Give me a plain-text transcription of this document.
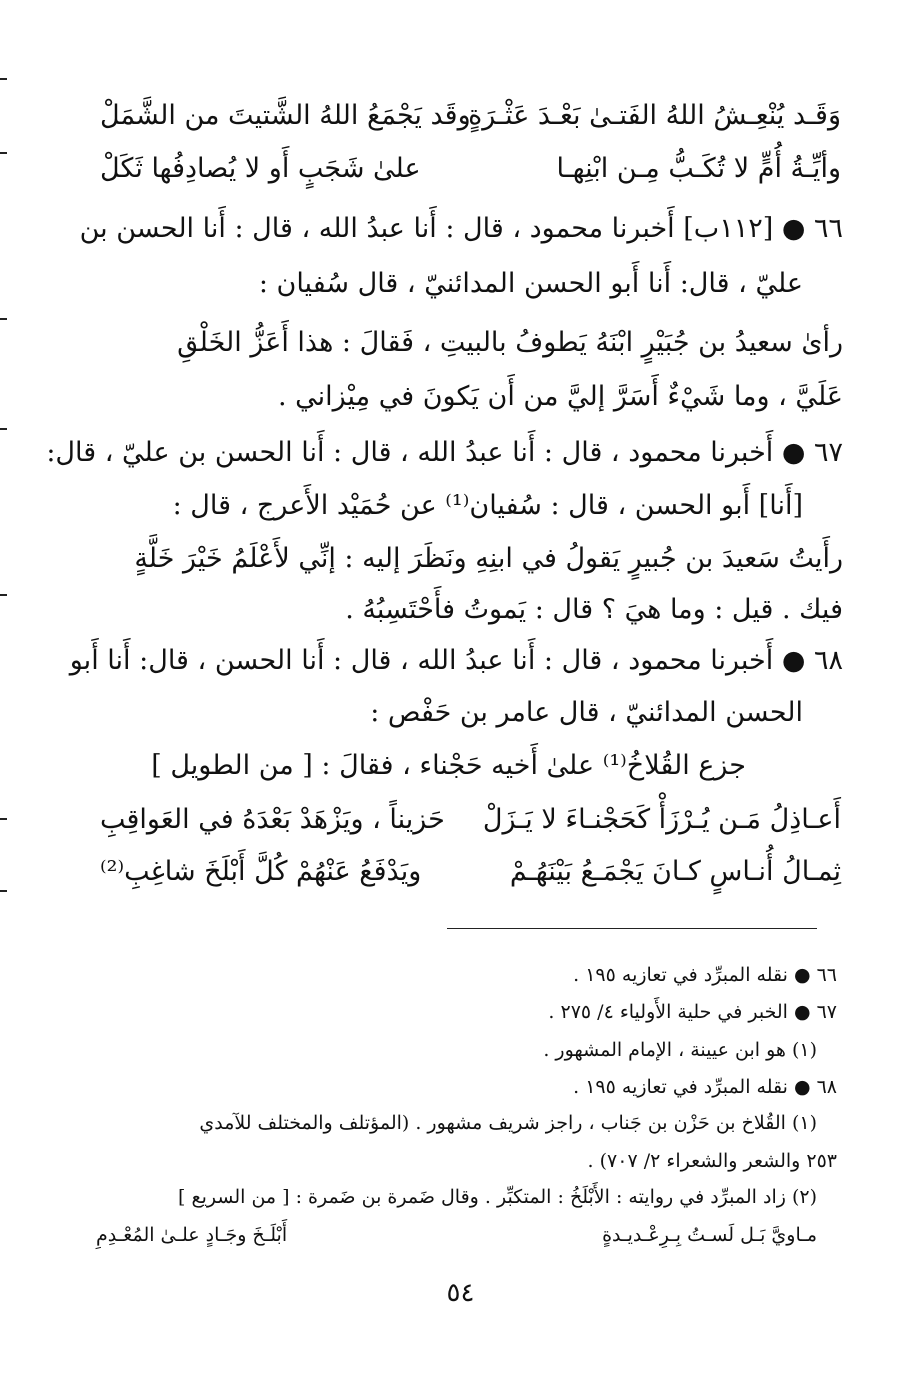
وَقَـد يُنْعِـشُ اللهُ الفَتـىٰ بَعْـدَ عَثْـرَةٍ
وقَد يَجْمَعُ اللهُ الشَّتيتَ من الشَّمَلْ
وأيِّـةُ أُمٍّ لا تُكَـبُّ مِـن ابْنِهـا
علىٰ شَجَبٍ أَو لا يُصادِفُها ثَكَلْ
٦٦ ● [١١٢ب] أَخبرنا محمود ، قال : أَنا عبدُ الله ، قال : أَنا الحسن بن
عليّ ، قال: أَنا أَبو الحسن المدائنيّ ، قال سُفيان :
رأىٰ سعيدُ بن جُبَيْرٍ ابْنَهُ يَطوفُ بالبيتِ ، فَقالَ : هذا أَعَزُّ الخَلْقِ
عَلَيَّ ، وما شَيْءٌ أَسَرَّ إليَّ من أَن يَكونَ في مِيْزاني .
٦٧ ● أَخبرنا محمود ، قال : أَنا عبدُ الله ، قال : أَنا الحسن بن عليّ ، قال:
[أَنا] أَبو الحسن ، قال : سُفيان⁽¹⁾ عن حُمَيْد الأَعرج ، قال :
رأَيتُ سَعيدَ بن جُبيرٍ يَقولُ في ابنِهِ ونَظَرَ إليه : إنِّي لأَعْلَمُ خَيْرَ خَلَّةٍ
فيك . قيل : وما هيَ ؟ قال : يَموتُ فأَحْتَسِبُهُ .
٦٨ ● أَخبرنا محمود ، قال : أَنا عبدُ الله ، قال : أَنا الحسن ، قال: أَنا أَبو
الحسن المدائنيّ ، قال عامر بن حَفْص :
جزع القُلاخُ⁽¹⁾ علىٰ أَخيه حَجْناء ، فقالَ : [ من الطويل ]
أَعـاذِلُ مَـن يُـرْزَأْ كَحَجْنـاءَ لا يَـزَلْ
حَزيناً ، ويَزْهَدْ بَعْدَهُ في العَواقِبِ
ثِمـالُ أُنـاسٍ كـانَ يَجْمَـعُ بَيْنَهُـمْ
ويَدْفَعُ عَنْهُمْ كُلَّ أَبْلَخَ شاغِبِ⁽²⁾
٦٦ ● نقله المبرِّد في تعازيه ١٩٥ .
٦٧ ● الخبر في حلية الأَولياء ٤/ ٢٧٥ .
(١) هو ابن عيينة ، الإمام المشهور .
٦٨ ● نقله المبرِّد في تعازيه ١٩٥ .
(١) القُلاخ بن حَزْن بن جَناب ، راجز شريف مشهور . (المؤتلف والمختلف للآمدي
٢٥٣ والشعر والشعراء ٢/ ٧٠٧) .
(٢) زاد المبرِّد في روايته : الأَبْلَخُ : المتكبِّر . وقال ضَمرة بن ضَمرة : [ من السريع ]
مـاويَّ بَـل لَسـتُ بِـرِعْـديـدةٍ
أَبْلَـخَ وجَـادٍ علـىٰ المُعْـدِمِ
٥٤
